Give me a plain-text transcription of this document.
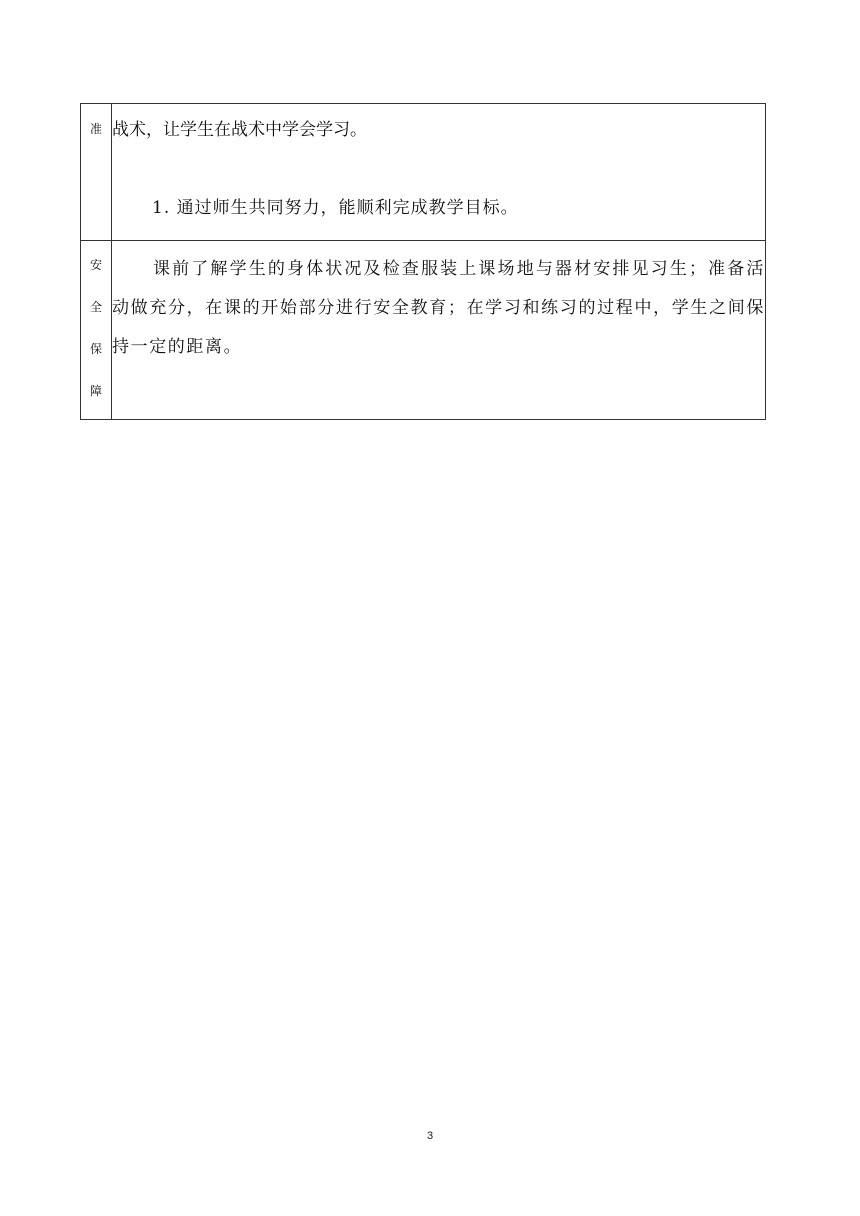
准	战术，让学生在战术中学会学习。

1. 通过师生共同努力，能顺利完成教学目标。

安
全
保
障	课前了解学生的身体状况及检查服装上课场地与器材安排见习生；准备活动做充分，在课的开始部分进行安全教育；在学习和练习的过程中，学生之间保持一定的距离。

3
